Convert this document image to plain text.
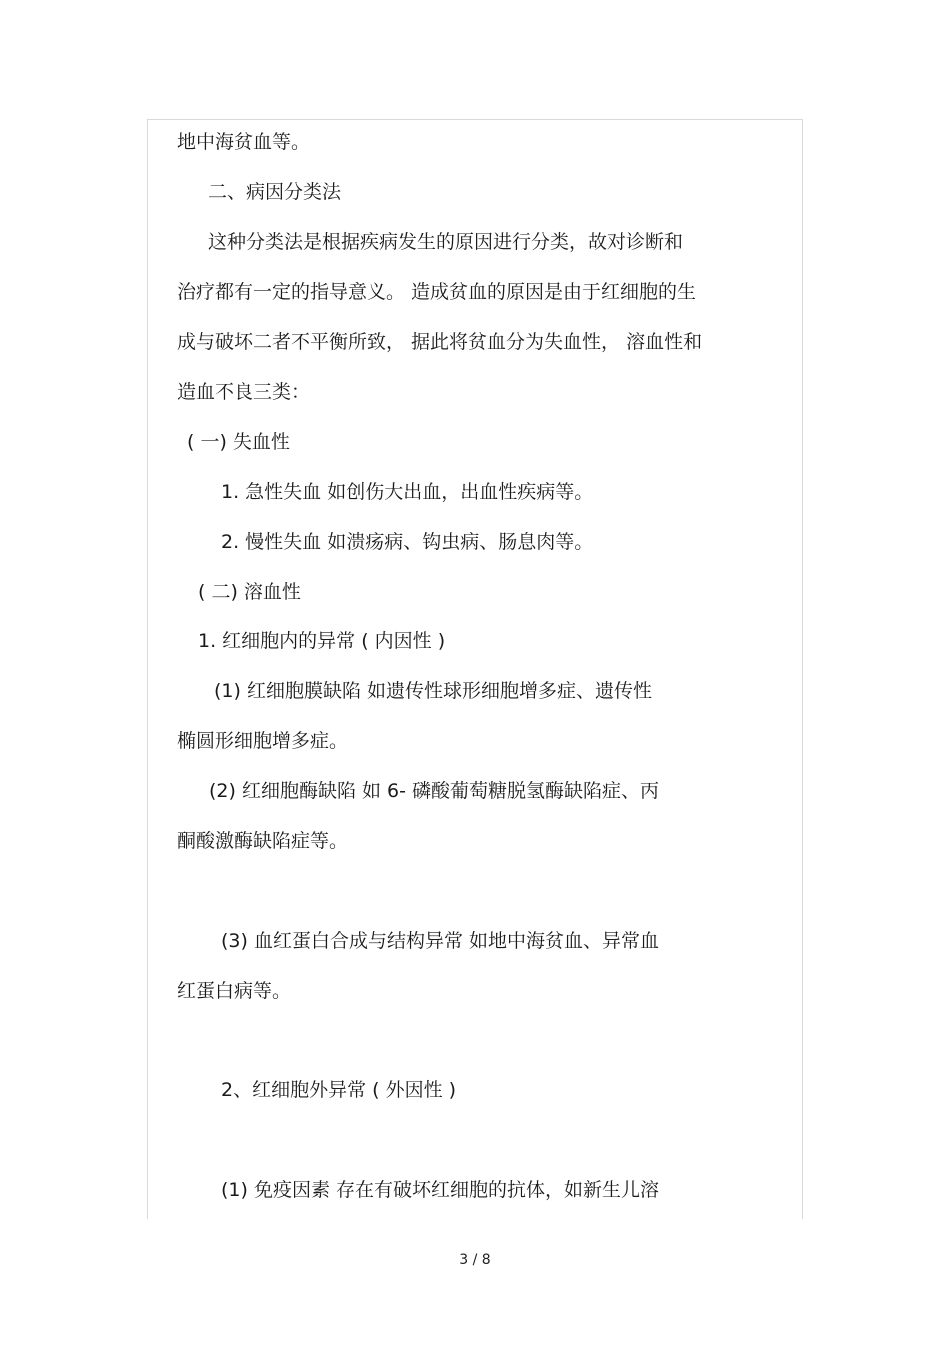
地中海贫血等。

二、病因分类法

这种分类法是根据疾病发生的原因进行分类，故对诊断和

治疗都有一定的指导意义。 造成贫血的原因是由于红细胞的生

成与破坏二者不平衡所致， 据此将贫血分为失血性， 溶血性和

造血不良三类：

( 一) 失血性

1. 急性失血 如创伤大出血，出血性疾病等。

2. 慢性失血 如溃疡病、钩虫病、肠息肉等。

( 二) 溶血性

1. 红细胞内的异常 ( 内因性 )

(1) 红细胞膜缺陷 如遗传性球形细胞增多症、遗传性

椭圆形细胞增多症。

(2) 红细胞酶缺陷 如 6- 磷酸葡萄糖脱氢酶缺陷症、丙

酮酸激酶缺陷症等。

(3) 血红蛋白合成与结构异常 如地中海贫血、异常血

红蛋白病等。

2、红细胞外异常 ( 外因性 )

(1) 免疫因素 存在有破坏红细胞的抗体，如新生儿溶

3 / 8
